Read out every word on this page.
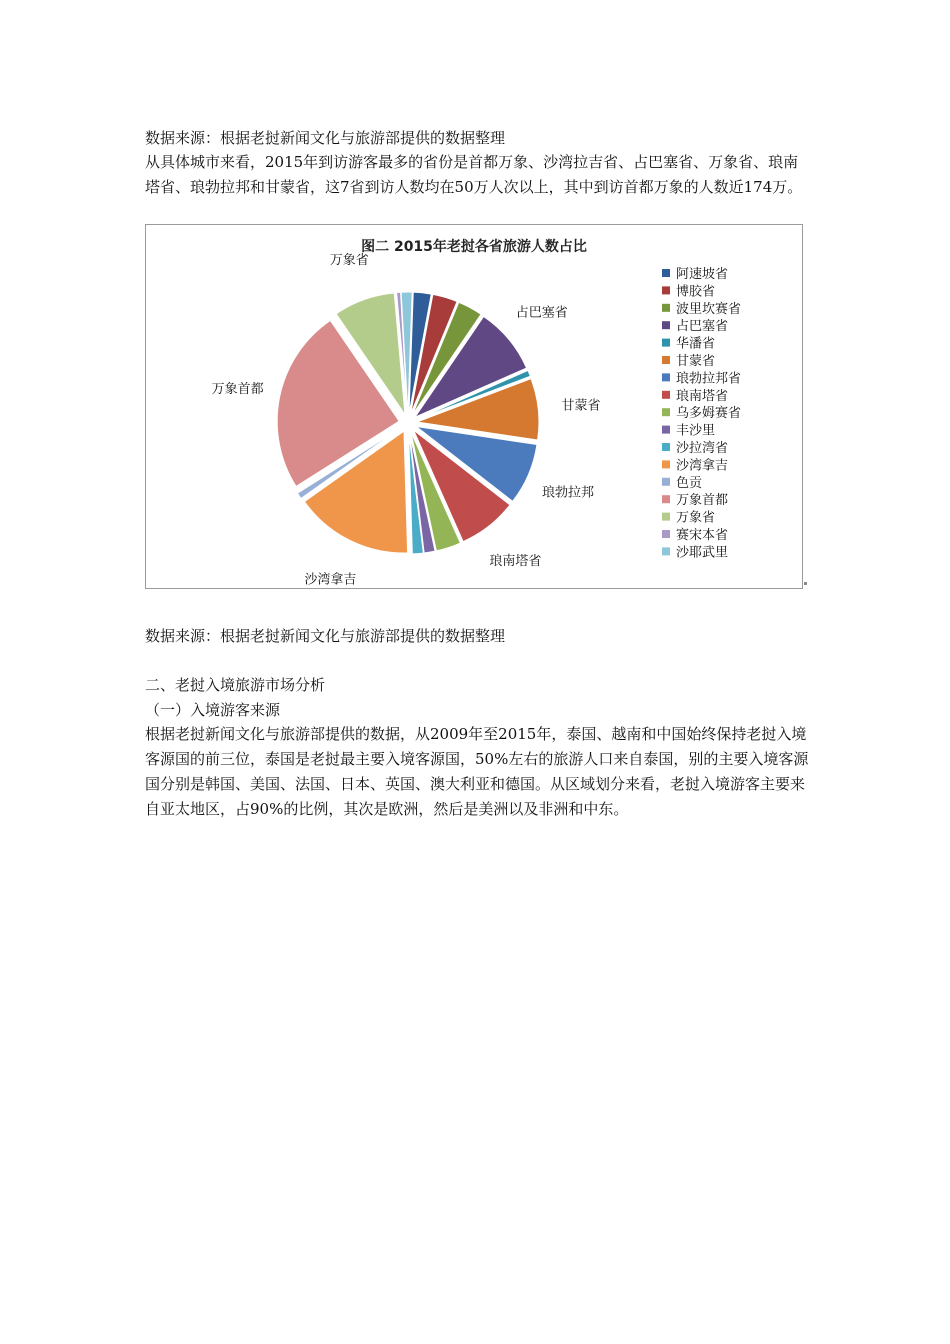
数据来源：根据老挝新闻文化与旅游部提供的数据整理
从具体城市来看，2015年到访游客最多的省份是首都万象、沙湾拉吉省、占巴塞省、万象省、琅南塔省、琅勃拉邦和甘蒙省，这7省到访人数均在50万人次以上，其中到访首都万象的人数近174万。
图二 2015年老挝各省旅游人数占比
万象省
万象首都
占巴塞省
甘蒙省
琅勃拉邦
琅南塔省
沙湾拿吉
阿速坡省
博胶省
波里坎赛省
占巴塞省
华潘省
甘蒙省
琅勃拉邦省
琅南塔省
乌多姆赛省
丰沙里
沙拉湾省
沙湾拿吉
色贡
万象首都
万象省
赛宋本省
沙耶武里
数据来源：根据老挝新闻文化与旅游部提供的数据整理
二、老挝入境旅游市场分析
（一）入境游客来源
根据老挝新闻文化与旅游部提供的数据，从2009年至2015年，泰国、越南和中国始终保持老挝入境客源国的前三位，泰国是老挝最主要入境客源国，50%左右的旅游人口来自泰国，别的主要入境客源国分别是韩国、美国、法国、日本、英国、澳大利亚和德国。从区域划分来看，老挝入境游客主要来自亚太地区，占90%的比例，其次是欧洲，然后是美洲以及非洲和中东。
